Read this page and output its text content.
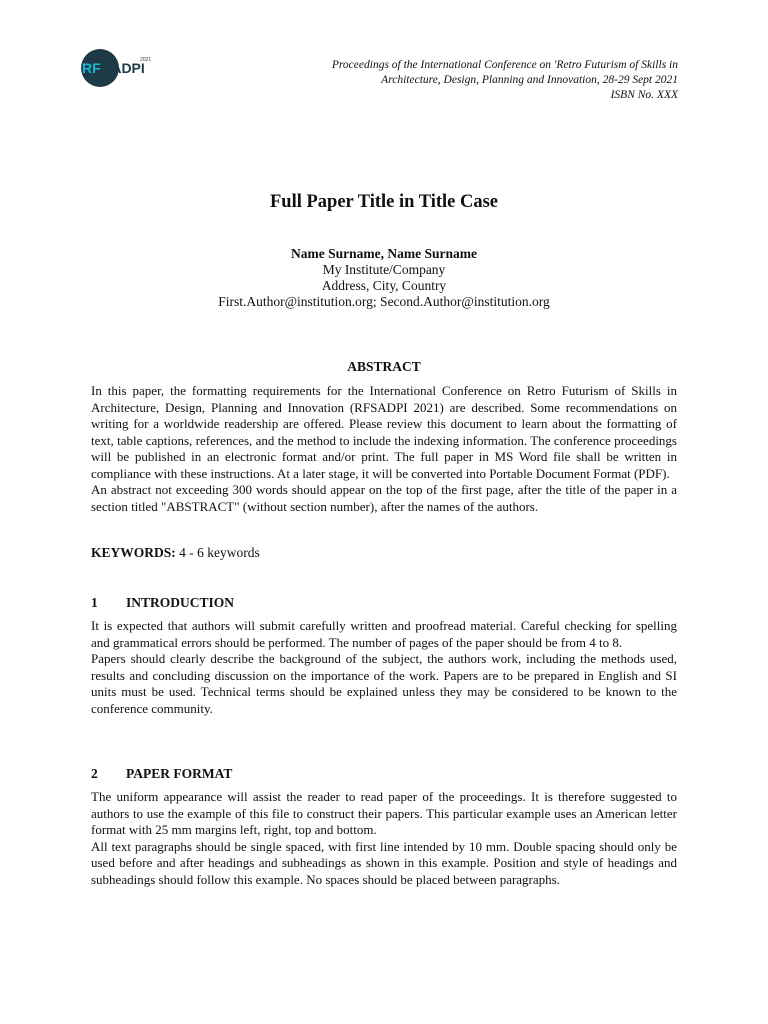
RF SADPI
2021	Proceedings of the International Conference on 'Retro Futurism of Skills in
Architecture, Design, Planning and Innovation, 28-29 Sept 2021
ISBN No. XXX
Full Paper Title in Title Case
Name Surname, Name Surname
My Institute/Company
Address, City, Country
First.Author@institution.org; Second.Author@institution.org
ABSTRACT

In this paper, the formatting requirements for the International Conference on Retro Futurism of Skills in Architecture, Design, Planning and Innovation (RFSADPI 2021) are described. Some recommendations on writing for a worldwide readership are offered. Please review this document to learn about the formatting of text, table captions, references, and the method to include the indexing information. The conference proceedings will be published in an electronic format and/or print. The full paper in MS Word file shall be written in compliance with these instructions. At a later stage, it will be converted into Portable Document Format (PDF).

An abstract not exceeding 300 words should appear on the top of the first page, after the title of the paper in a section titled "ABSTRACT" (without section number), after the names of the authors.

KEYWORDS: 4 - 6 keywords
1 INTRODUCTION

It is expected that authors will submit carefully written and proofread material. Careful checking for spelling and grammatical errors should be performed. The number of pages of the paper should be from 4 to 8.

Papers should clearly describe the background of the subject, the authors work, including the methods used, results and concluding discussion on the importance of the work. Papers are to be prepared in English and SI units must be used. Technical terms should be explained unless they may be considered to be known to the conference community.

2 PAPER FORMAT

The uniform appearance will assist the reader to read paper of the proceedings. It is therefore suggested to authors to use the example of this file to construct their papers. This particular example uses an American letter format with 25 mm margins left, right, top and bottom.

All text paragraphs should be single spaced, with first line intended by 10 mm. Double spacing should only be used before and after headings and subheadings as shown in this example. Position and style of headings and subheadings should follow this example. No spaces should be placed between paragraphs.
